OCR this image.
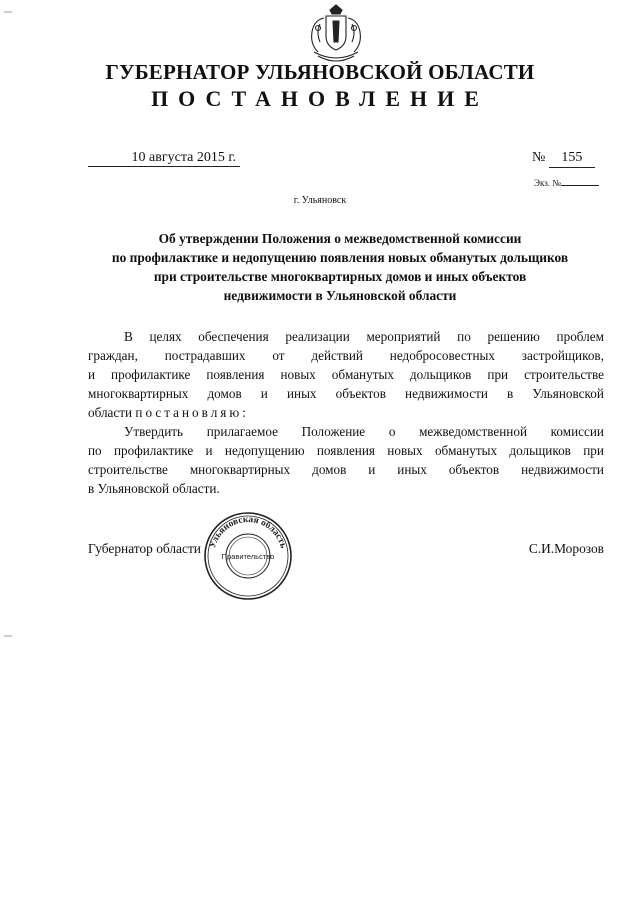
ГУБЕРНАТОР УЛЬЯНОВСКОЙ ОБЛАСТИ
ПОСТАНОВЛЕНИЕ
10 августа 2015 г.	№ 155
Экз. №
г. Ульяновск
Об утверждении Положения о межведомственной комиссии
по профилактике и недопущению появления новых обманутых дольщиков
при строительстве многоквартирных домов и иных объектов
недвижимости в Ульяновской области
В целях обеспечения реализации мероприятий по решению проблем
граждан, пострадавших от действий недобросовестных застройщиков,
и профилактике появления новых обманутых дольщиков при строительстве
многоквартирных домов и иных объектов недвижимости в Ульяновской
области постановляю:
Утвердить прилагаемое Положение о межведомственной комиссии
по профилактике и недопущению появления новых обманутых дольщиков при
строительстве многоквартирных домов и иных объектов недвижимости
в Ульяновской области.
Губернатор области	С.И.Морозов
Ульяновская область
Правительство
